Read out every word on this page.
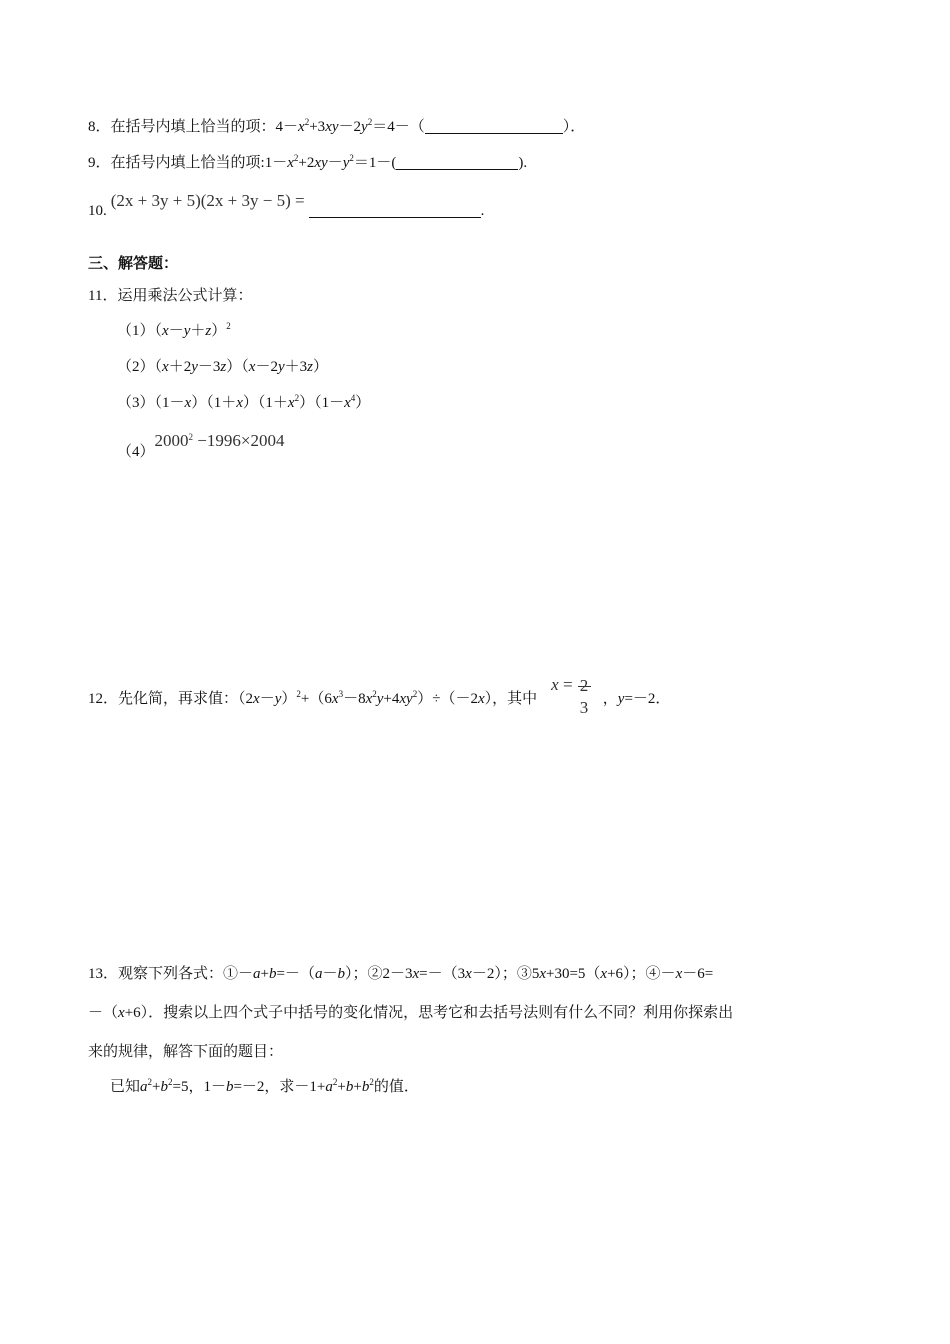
8．在括号内填上恰当的项：$4-x^2+3xy-2y^2=4-$（	）．
9．在括号内填上恰当的项$:1-x^2+2xy-y^2=1-$(	).
10.(2x + 3y + 5)(2x + 3y − 5) =.
三、解答题：
11．运用乘法公式计算：
$(1)(x-y+z)^2$
（2）（x＋2y－3z）（x－2y＋3z）
$(3)(1-x)(1+x)(1+x^2)(1-x^4)$
$(4)2000^2 -1996\times 2004$
12．先化简，再求值：$(2x-y)^2+(6x^3-8x^2y+4xy^2)\div(-2x)$，其中x = 2
3 ，y=－2．
13．观察下列各式：①－a+b=－（a－b）；②2－3x=－（3x－2）；③5x+30=5（x+6）；④－x－6=
－（x+6）．搜索以上四个式子中括号的变化情况，思考它和去括号法则有什么不同？利用你探索出
来的规律，解答下面的题目：
已知$a^2+b^2=5$，1－b=－2，求$-1+a^2+b+b^2$的值．
